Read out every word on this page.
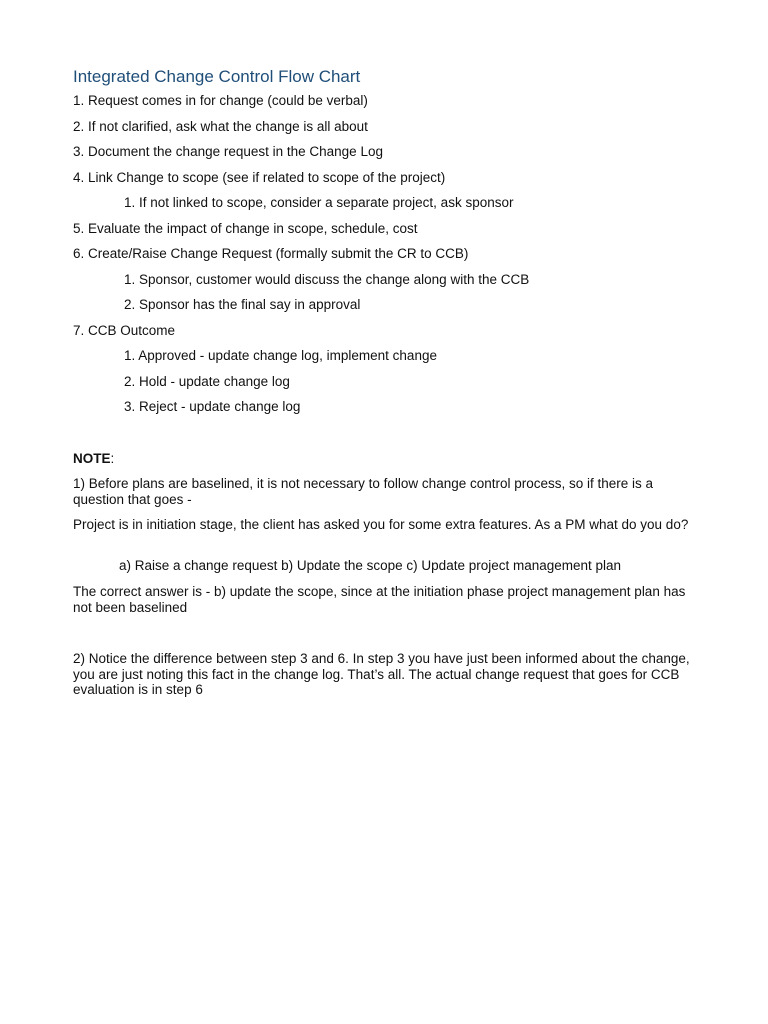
Integrated Change Control Flow Chart

1. Request comes in for change (could be verbal)

2. If not clarified, ask what the change is all about

3. Document the change request in the Change Log

4. Link Change to scope (see if related to scope of the project)

1. If not linked to scope, consider a separate project, ask sponsor

5. Evaluate the impact of change in scope, schedule, cost

6. Create/Raise Change Request (formally submit the CR to CCB)

1. Sponsor, customer would discuss the change along with the CCB

2. Sponsor has the final say in approval

7. CCB Outcome

1. Approved - update change log, implement change

2. Hold - update change log

3. Reject - update change log

NOTE:

1) Before plans are baselined, it is not necessary to follow change control process, so if there is a question that goes -

Project is in initiation stage, the client has asked you for some extra features. As a PM what do you do?

a) Raise a change request b) Update the scope c) Update project management plan

The correct answer is - b) update the scope, since at the initiation phase project management plan has not been baselined

2) Notice the difference between step 3 and 6. In step 3 you have just been informed about the change, you are just noting this fact in the change log. That’s all. The actual change request that goes for CCB evaluation is in step 6
